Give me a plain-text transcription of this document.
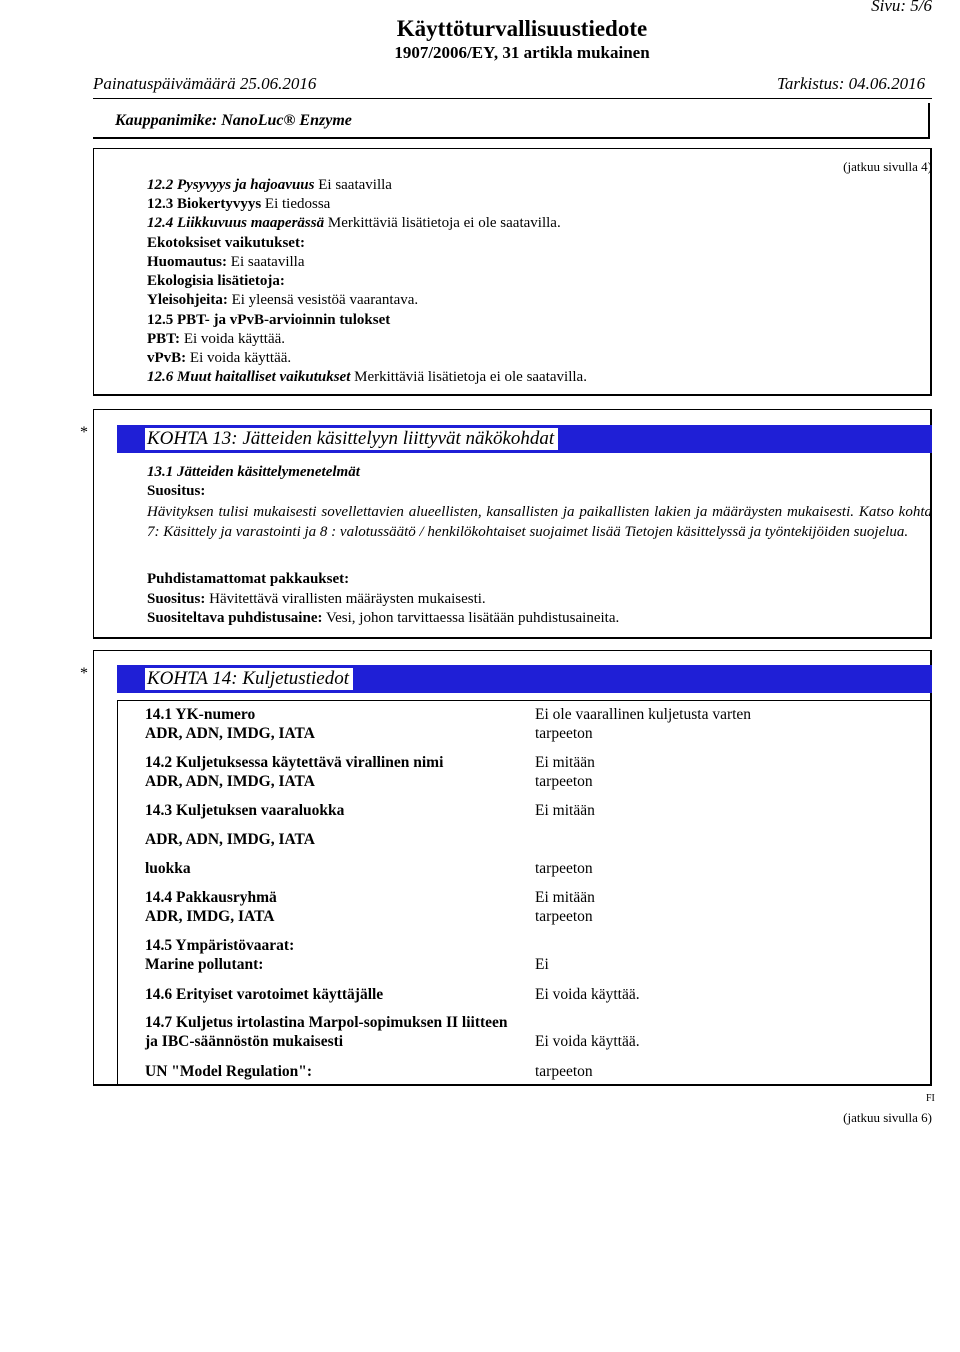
Sivu: 5/6
Käyttöturvallisuustiedote
1907/2006/EY, 31 artikla mukainen
Painatuspäivämäärä 25.06.2016	Tarkistus: 04.06.2016
Kauppanimike: NanoLuc® Enzyme
(jatkuu sivulla 4)
12.2 Pysyvyys ja hajoavuus Ei saatavilla
12.3 Biokertyvyys Ei tiedossa
12.4 Liikkuvuus maaperässä Merkittäviä lisätietoja ei ole saatavilla.
Ekotoksiset vaikutukset:
Huomautus: Ei saatavilla
Ekologisia lisätietoja:
Yleisohjeita: Ei yleensä vesistöä vaarantava.
12.5 PBT- ja vPvB-arvioinnin tulokset
PBT: Ei voida käyttää.
vPvB: Ei voida käyttää.
12.6 Muut haitalliset vaikutukset Merkittäviä lisätietoja ei ole saatavilla.
*	KOHTA 13: Jätteiden käsittelyyn liittyvät näkökohdat
13.1 Jätteiden käsittelymenetelmät
Suositus:
Hävityksen tulisi mukaisesti sovellettavien alueellisten, kansallisten ja paikallisten lakien ja määräysten mukaisesti. Katso kohta 7: Käsittely ja varastointi ja 8 : valotussäätö / henkilökohtaiset suojaimet lisää Tietojen käsittelyssä ja työntekijöiden suojelua.
Puhdistamattomat pakkaukset:
Suositus: Hävitettävä virallisten määräysten mukaisesti.
Suositeltava puhdistusaine: Vesi, johon tarvittaessa lisätään puhdistusaineita.
*	KOHTA 14: Kuljetustiedot
14.1 YK-numero	Ei ole vaarallinen kuljetusta varten
ADR, ADN, IMDG, IATA	tarpeeton
14.2 Kuljetuksessa käytettävä virallinen nimi	Ei mitään
ADR, ADN, IMDG, IATA	tarpeeton
14.3 Kuljetuksen vaaraluokka	Ei mitään
ADR, ADN, IMDG, IATA
luokka	tarpeeton
14.4 Pakkausryhmä	Ei mitään
ADR, IMDG, IATA	tarpeeton
14.5 Ympäristövaarat:
Marine pollutant:	Ei
14.6 Erityiset varotoimet käyttäjälle	Ei voida käyttää.
14.7 Kuljetus irtolastina Marpol-sopimuksen II liitteen
ja IBC-säännöstön mukaisesti	Ei voida käyttää.
UN "Model Regulation":	tarpeeton
FI
(jatkuu sivulla 6)
